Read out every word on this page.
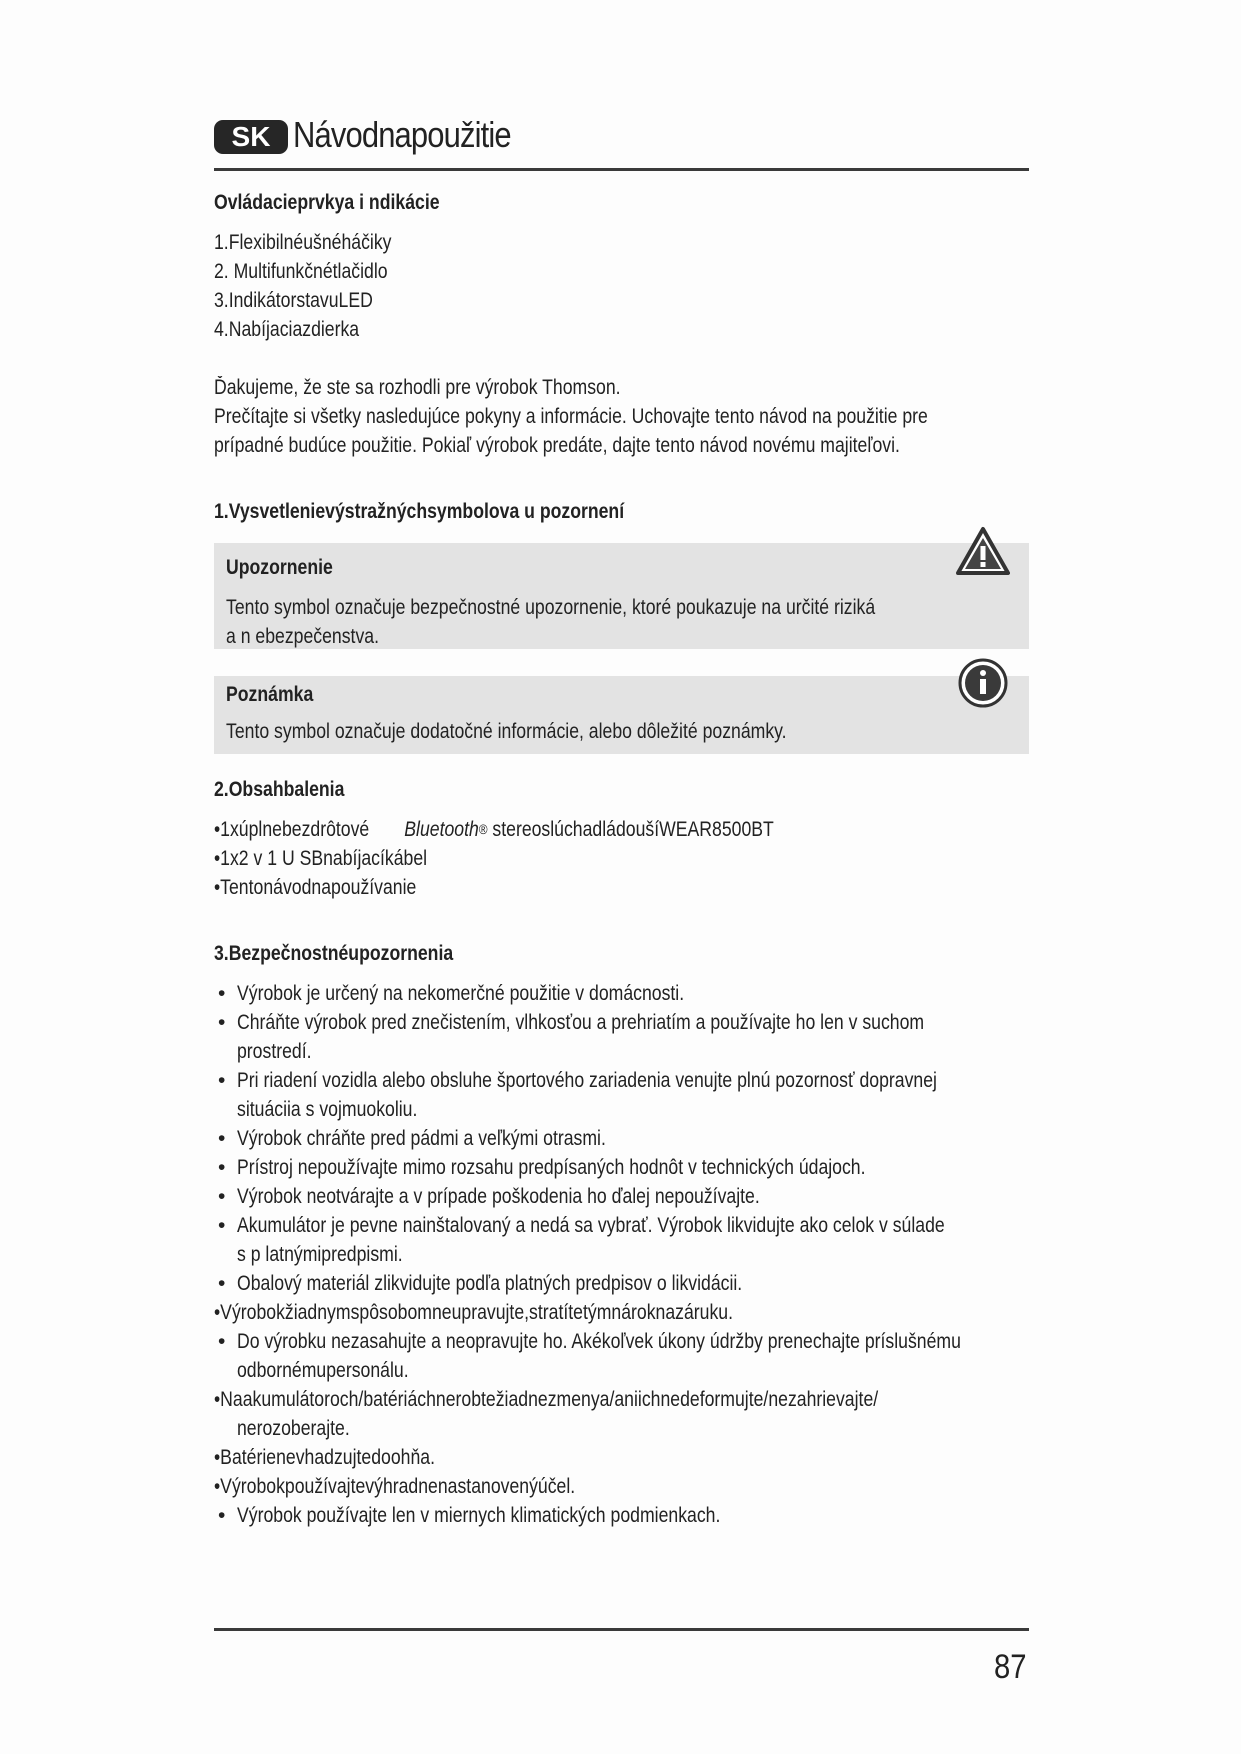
SK Návodnapoužitie
Ovládacieprvkya i ndikácie
1.Flexibilnéušnéháčiky
2. Multifunkčnétlačidlo
3.IndikátorstavuLED
4.Nabíjaciazdierka
Ďakujeme, že ste sa rozhodli pre výrobok Thomson.
Prečítajte si všetky nasledujúce pokyny a informácie. Uchovajte tento návod na použitie pre
prípadné budúce použitie. Pokiaľ výrobok predáte, dajte tento návod novému majiteľovi.
1.Vysvetlenievýstražnýchsymbolova u pozornení
Upozornenie
Tento symbol označuje bezpečnostné upozornenie, ktoré poukazuje na určité riziká
a n ebezpečenstva.
Poznámka
Tento symbol označuje dodatočné informácie, alebo dôležité poznámky.
2.Obsahbalenia
•1xúplnebezdrôtové Bluetooth® stereoslúchadládoušíWEAR8500BT
•1x2 v 1 U SBnabíjacíkábel
•Tentonávodnapoužívanie
3.Bezpečnostnéupozornenia
• Výrobok je určený na nekomerčné použitie v domácnosti.
• Chráňte výrobok pred znečistením, vlhkosťou a prehriatím a používajte ho len v suchom
prostredí.
• Pri riadení vozidla alebo obsluhe športového zariadenia venujte plnú pozornosť dopravnej
situáciia s vojmuokoliu.
• Výrobok chráňte pred pádmi a veľkými otrasmi.
• Prístroj nepoužívajte mimo rozsahu predpísaných hodnôt v technických údajoch.
• Výrobok neotvárajte a v prípade poškodenia ho ďalej nepoužívajte.
• Akumulátor je pevne nainštalovaný a nedá sa vybrať. Výrobok likvidujte ako celok v súlade
s p latnýmipredpismi.
• Obalový materiál zlikvidujte podľa platných predpisov o likvidácii.
•Výrobokžiadnymspôsobomneupravujte,stratítetýmnároknazáruku.
• Do výrobku nezasahujte a neopravujte ho. Akékoľvek úkony údržby prenechajte príslušnému
odbornémupersonálu.
•Naakumulátoroch/batériáchnerobtežiadnezmenya/aniichnedeformujte/nezahrievajte/
nerozoberajte.
•Batérienevhadzujtedoohňa.
•Výrobokpoužívajtevýhradnenastanovenýúčel.
• Výrobok používajte len v miernych klimatických podmienkach.
87
